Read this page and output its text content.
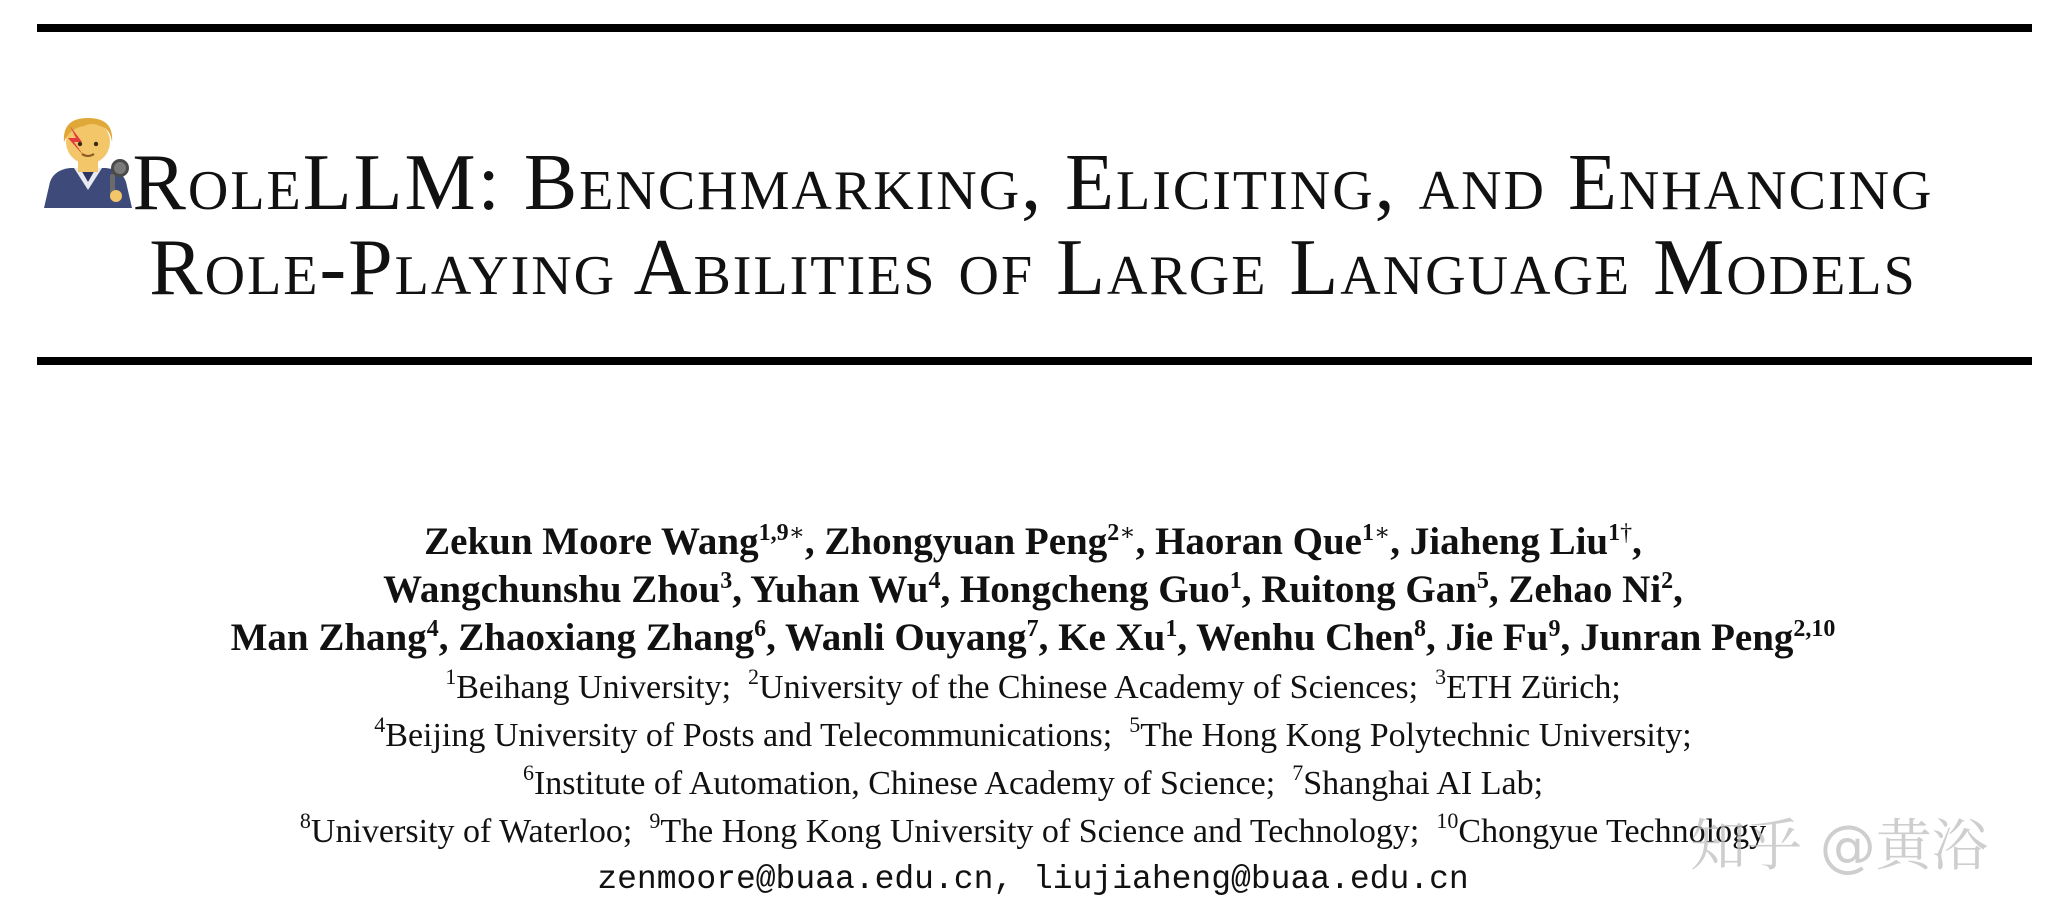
RoleLLM: Benchmarking, Eliciting, and Enhancing
Role-Playing Abilities of Large Language Models
Zekun Moore Wang$^{1,9∗}$, Zhongyuan Peng$^{2∗}$, Haoran Que$^{1∗}$, Jiaheng Liu$^{1\dagger}$,
Wangchunshu Zhou$^3$, Yuhan Wu$^4$, Hongcheng Guo$^1$, Ruitong Gan$^5$, Zehao Ni$^2$,
Man Zhang$^4$, Zhaoxiang Zhang$^6$, Wanli Ouyang$^7$, Ke Xu$^1$, Wenhu Chen$^8$, Jie Fu$^9$, Junran Peng$^{2,10}$
$^1$Beihang University; $^2$University of the Chinese Academy of Sciences; $^3$ETH Zürich;
$^4$Beijing University of Posts and Telecommunications; $^5$The Hong Kong Polytechnic University;
$^6$Institute of Automation, Chinese Academy of Science; $^7$Shanghai AI Lab;
$^8$University of Waterloo; $^9$The Hong Kong University of Science and Technology; $^{10}$Chongyue Technology
zenmoore@buaa.edu.cn, liujiaheng@buaa.edu.cn
知乎 @黄浴
